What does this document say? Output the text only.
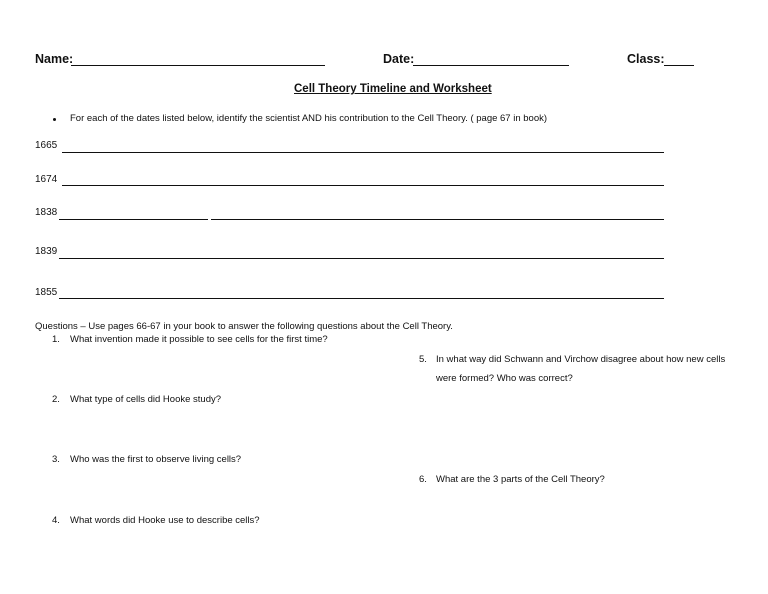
Name:	Date:	Class:
Cell Theory Timeline and Worksheet
For each of the dates listed below, identify the scientist AND his contribution to the Cell Theory. ( page 67 in book)
1665
1674
1838
1839
1855
Questions – Use pages 66-67 in your book to answer the following questions about the Cell Theory.
1. What invention made it possible to see cells for the first time?
2. What type of cells did Hooke study?
3. Who was the first to observe living cells?
4. What words did Hooke use to describe cells?
5. In what way did Schwann and Virchow disagree about how new cells
were formed? Who was correct?
6. What are the 3 parts of the Cell Theory?
